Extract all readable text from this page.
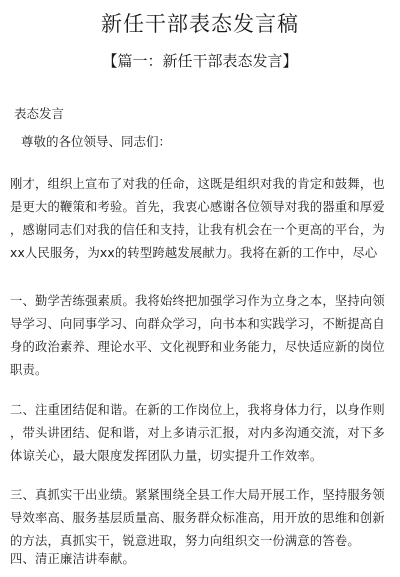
新任干部表态发言稿
【篇一：新任干部表态发言】
表态发言
尊敬的各位领导、同志们：
刚才，组织上宣布了对我的任命，这既是组织对我的肯定和鼓舞，也
是更大的鞭策和考验。首先，我衷心感谢各位领导对我的器重和厚爱
，感谢同志们对我的信任和支持，让我有机会在一个更高的平台，为
xx人民服务，为xx的转型跨越发展献力。我将在新的工作中，尽心
一、勤学苦练强素质。我将始终把加强学习作为立身之本，坚持向领
导学习、向同事学习、向群众学习，向书本和实践学习，不断提高自
身的政治素养、理论水平、文化视野和业务能力，尽快适应新的岗位
职责。
二、注重团结促和谐。在新的工作岗位上，我将身体力行，以身作则
，带头讲团结、促和谐，对上多请示汇报，对内多沟通交流，对下多
体谅关心，最大限度发挥团队力量，切实提升工作效率。
三、真抓实干出业绩。紧紧围绕全县工作大局开展工作，坚持服务领
导效率高、服务基层质量高、服务群众标准高，用开放的思维和创新
的方法，真抓实干，锐意进取，努力向组织交一份满意的答卷。
四、清正廉洁讲奉献。
